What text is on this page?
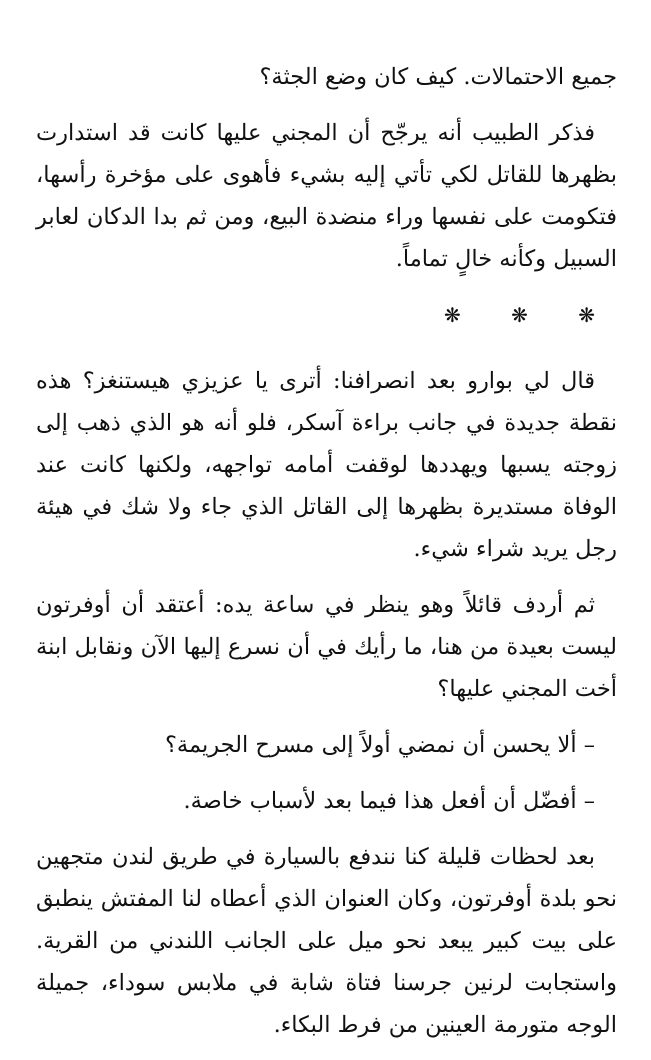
جميع الاحتمالات. كيف كان وضع الجثة؟

فذكر الطبيب أنه يرجّح أن المجني عليها كانت قد استدارت بظهرها للقاتل لكي تأتي إليه بشيء فأهوى على مؤخرة رأسها، فتكومت على نفسها وراء منضدة البيع، ومن ثم بدا الدكان لعابر السبيل وكأنه خالٍ تماماً.

❋ ❋ ❋

قال لي بوارو بعد انصرافنا: أترى يا عزيزي هيستنغز؟ هذه نقطة جديدة في جانب براءة آسكر، فلو أنه هو الذي ذهب إلى زوجته يسبها ويهددها لوقفت أمامه تواجهه، ولكنها كانت عند الوفاة مستديرة بظهرها إلى القاتل الذي جاء ولا شك في هيئة رجل يريد شراء شيء.

ثم أردف قائلاً وهو ينظر في ساعة يده: أعتقد أن أوفرتون ليست بعيدة من هنا، ما رأيك في أن نسرع إليها الآن ونقابل ابنة أخت المجني عليها؟

– ألا يحسن أن نمضي أولاً إلى مسرح الجريمة؟

– أفضّل أن أفعل هذا فيما بعد لأسباب خاصة.

بعد لحظات قليلة كنا نندفع بالسيارة في طريق لندن متجهين نحو بلدة أوفرتون، وكان العنوان الذي أعطاه لنا المفتش ينطبق على بيت كبير يبعد نحو ميل على الجانب اللندني من القرية. واستجابت لرنين جرسنا فتاة شابة في ملابس سوداء، جميلة الوجه متورمة العينين من فرط البكاء.
